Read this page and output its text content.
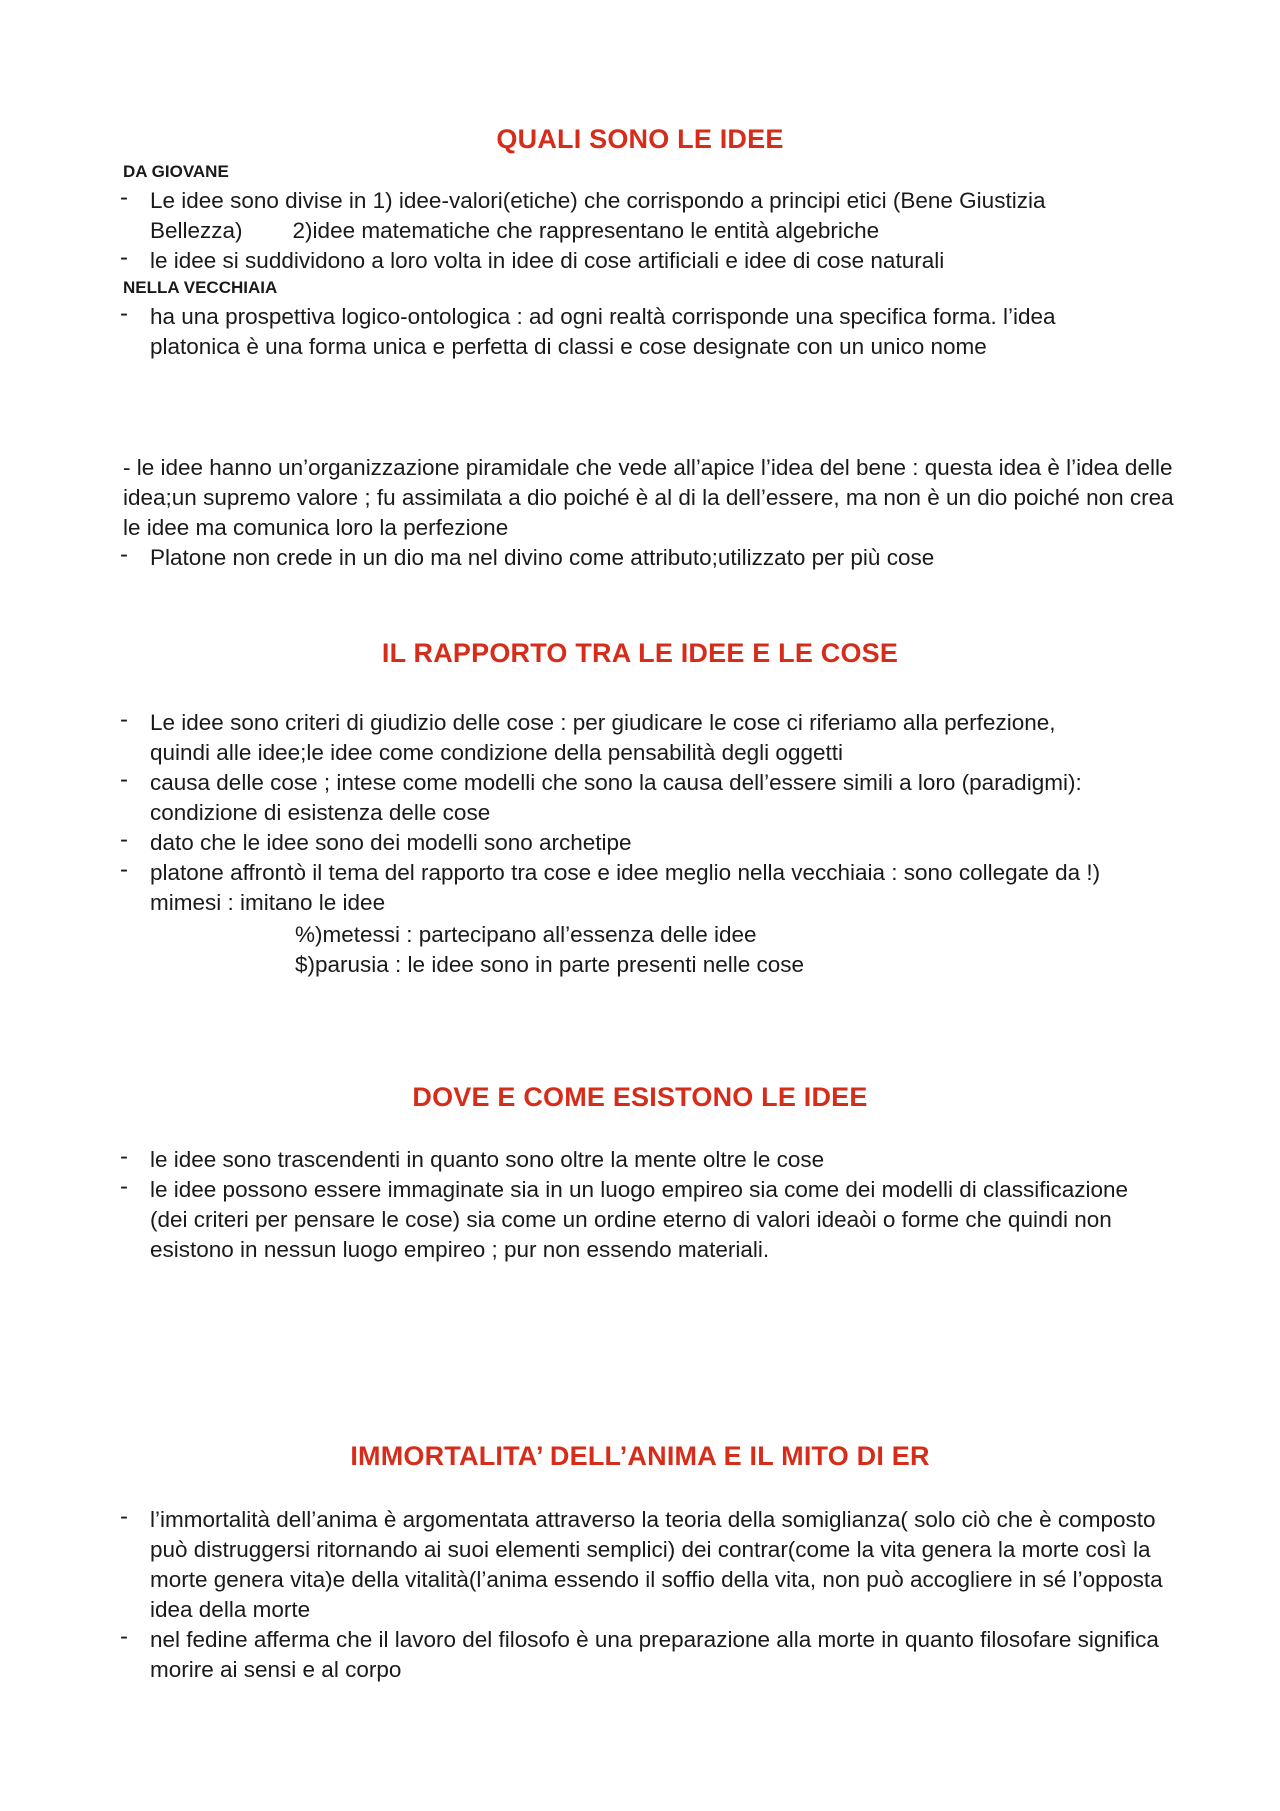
QUALI SONO LE IDEE

DA GIOVANE

- Le idee sono divise in 1) idee-valori(etiche) che corrispondo a principi etici (Bene Giustizia Bellezza) 2)idee matematiche che rappresentano le entità algebriche
- le idee si suddividono a loro volta in idee di cose artificiali e idee di cose naturali

NELLA VECCHIAIA

- ha una prospettiva logico-ontologica : ad ogni realtà corrisponde una specifica forma. l’idea platonica è una forma unica e perfetta di classi e cose designate con un unico nome

- le idee hanno un’organizzazione piramidale che vede all’apice l’idea del bene : questa idea è l’idea delle idea;un supremo valore ; fu assimilata a dio poiché è al di la dell’essere, ma non è un dio poiché non crea le idee ma comunica loro la perfezione

- Platone non crede in un dio ma nel divino come attributo;utilizzato per più cose
IL RAPPORTO TRA LE IDEE E LE COSE
- Le idee sono criteri di giudizio delle cose : per giudicare le cose ci riferiamo alla perfezione, quindi alle idee;le idee come condizione della pensabilità degli oggetti
- causa delle cose ; intese come modelli che sono la causa dell’essere simili a loro (paradigmi): condizione di esistenza delle cose
- dato che le idee sono dei modelli sono archetipe
- platone affrontò il tema del rapporto tra cose e idee meglio nella vecchiaia : sono collegate da !) mimesi : imitano le idee

%)metessi : partecipano all’essenza delle idee

$)parusia : le idee sono in parte presenti nelle cose

DOVE E COME ESISTONO LE IDEE
- le idee sono trascendenti in quanto sono oltre la mente oltre le cose
- le idee possono essere immaginate sia in un luogo empireo sia come dei modelli di classificazione (dei criteri per pensare le cose) sia come un ordine eterno di valori ideaòi o forme che quindi non esistono in nessun luogo empireo ; pur non essendo materiali.
IMMORTALITA’ DELL’ANIMA E IL MITO DI ER
- l’immortalità dell’anima è argomentata attraverso la teoria della somiglianza( solo ciò che è composto può distruggersi ritornando ai suoi elementi semplici) dei contrar(come la vita genera la morte così la morte genera vita)e della vitalità(l’anima essendo il soffio della vita, non può accogliere in sé l’opposta idea della morte
- nel fedine afferma che il lavoro del filosofo è una preparazione alla morte in quanto filosofare significa morire ai sensi e al corpo
